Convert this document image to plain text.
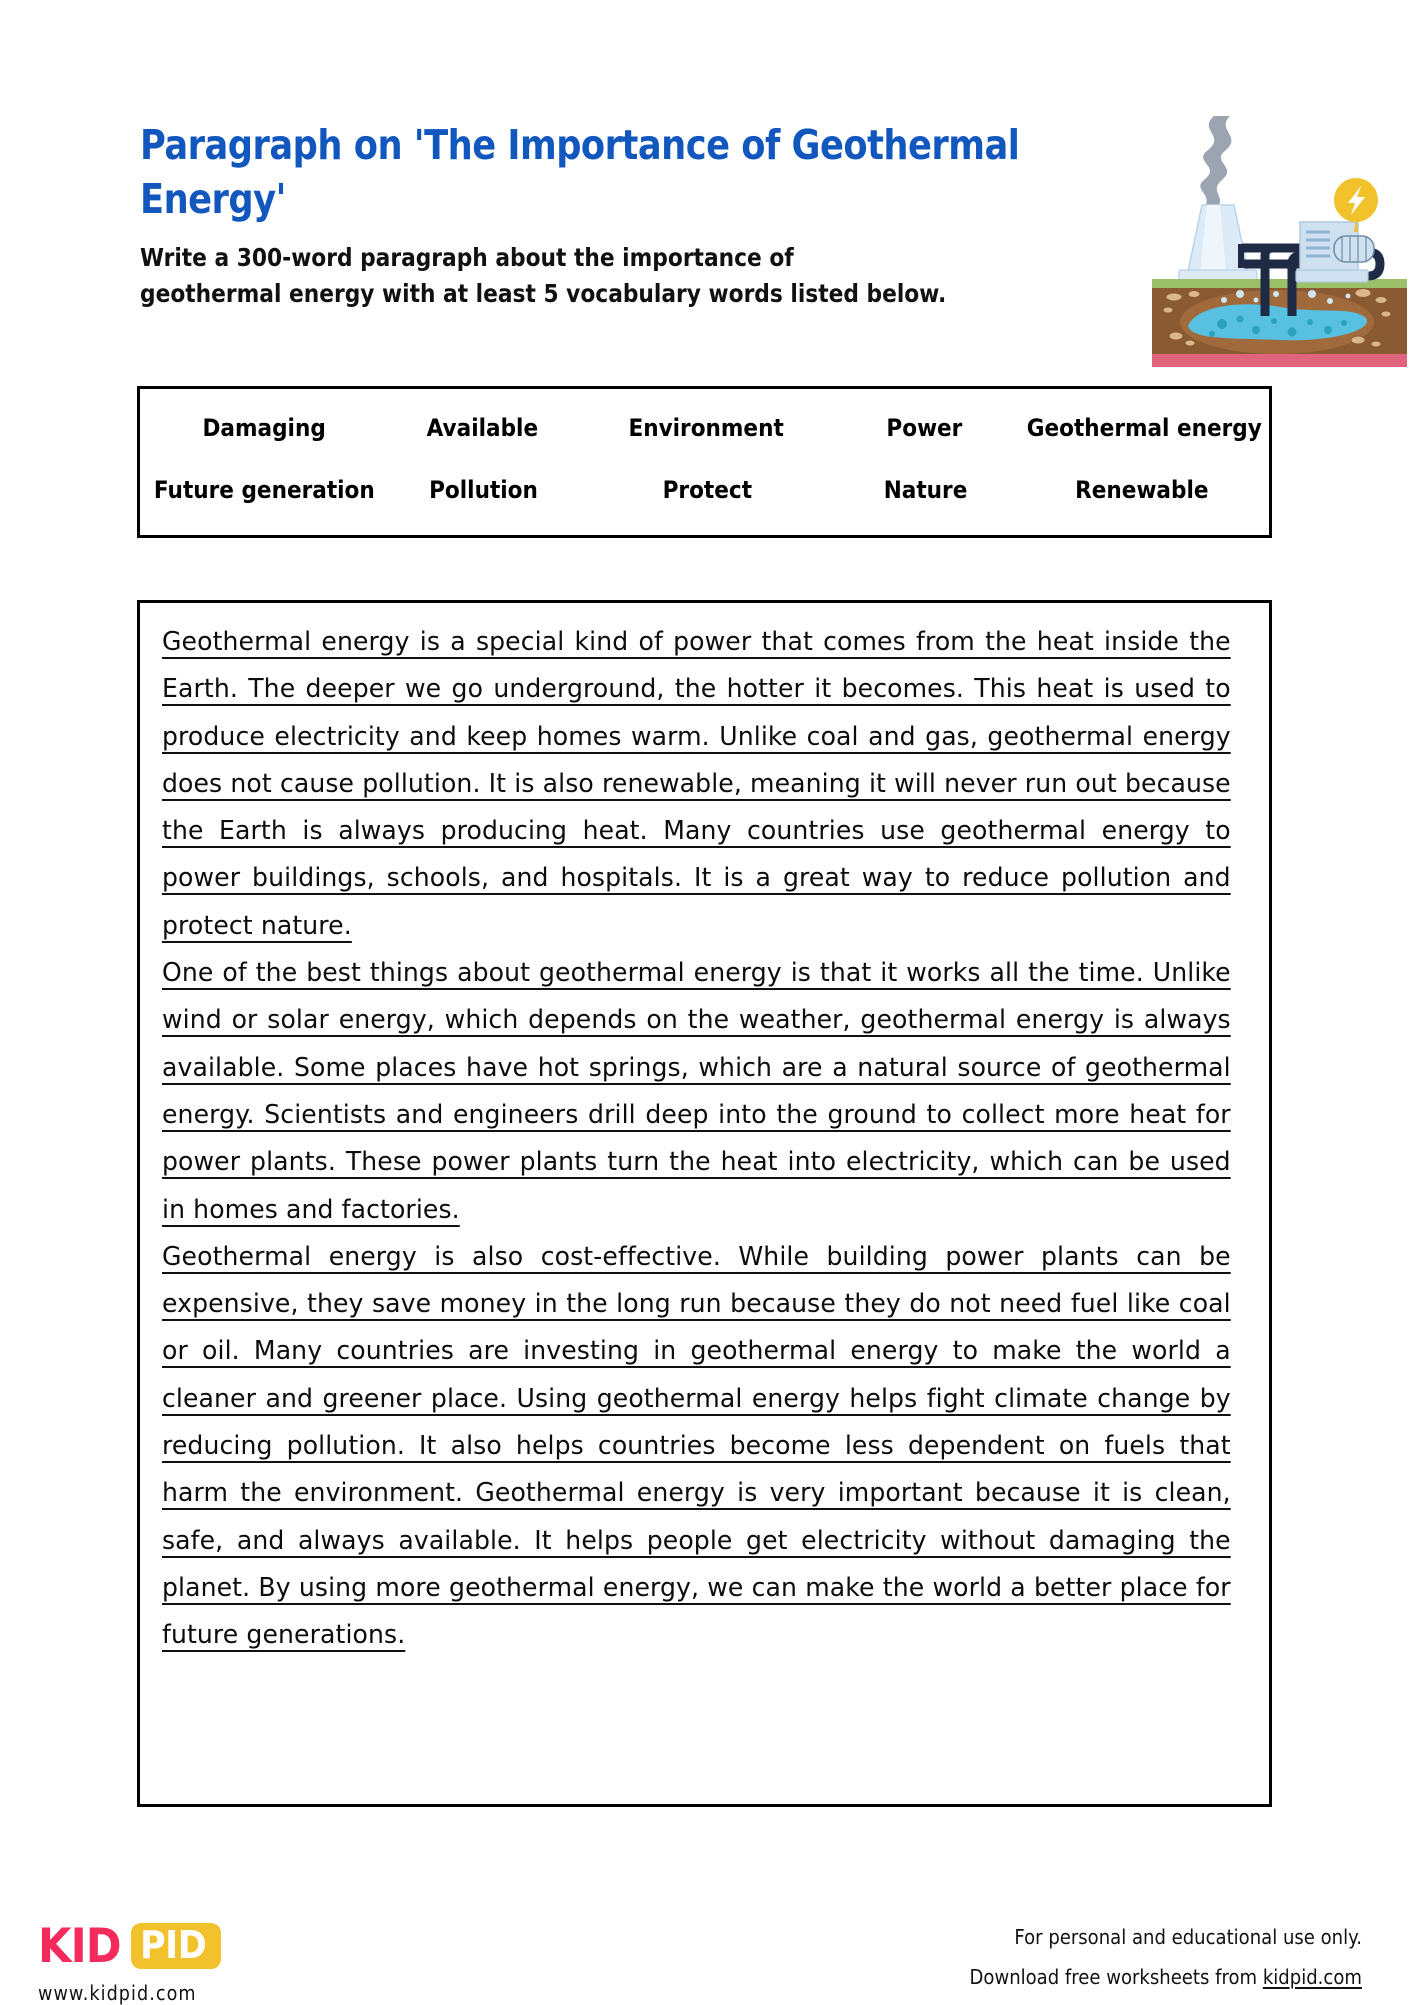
Paragraph on 'The Importance of Geothermal Energy'
Write a 300-word paragraph about the importance of
geothermal energy with at least 5 vocabulary words listed below.
Damaging	Available	Environment	Power	Geothermal energy
Future generation	Pollution	Protect	Nature	Renewable

Geothermal energy is a special kind of power that comes from the heat inside the Earth. The deeper we go underground, the hotter it becomes. This heat is used to produce electricity and keep homes warm. Unlike coal and gas, geothermal energy does not cause pollution. It is also renewable, meaning it will never run out because the Earth is always producing heat. Many countries use geothermal energy to power buildings, schools, and hospitals. It is a great way to reduce pollution and protect nature.

One of the best things about geothermal energy is that it works all the time. Unlike wind or solar energy, which depends on the weather, geothermal energy is always available. Some places have hot springs, which are a natural source of geothermal energy. Scientists and engineers drill deep into the ground to collect more heat for power plants. These power plants turn the heat into electricity, which can be used in homes and factories.

Geothermal energy is also cost-effective. While building power plants can be expensive, they save money in the long run because they do not need fuel like coal or oil. Many countries are investing in geothermal energy to make the world a cleaner and greener place. Using geothermal energy helps fight climate change by reducing pollution. It also helps countries become less dependent on fuels that harm the environment. Geothermal energy is very important because it is clean, safe, and always available. It helps people get electricity without damaging the planet. By using more geothermal energy, we can make the world a better place for future generations.

KID PID
www.kidpid.com
For personal and educational use only.
Download free worksheets from kidpid.com
